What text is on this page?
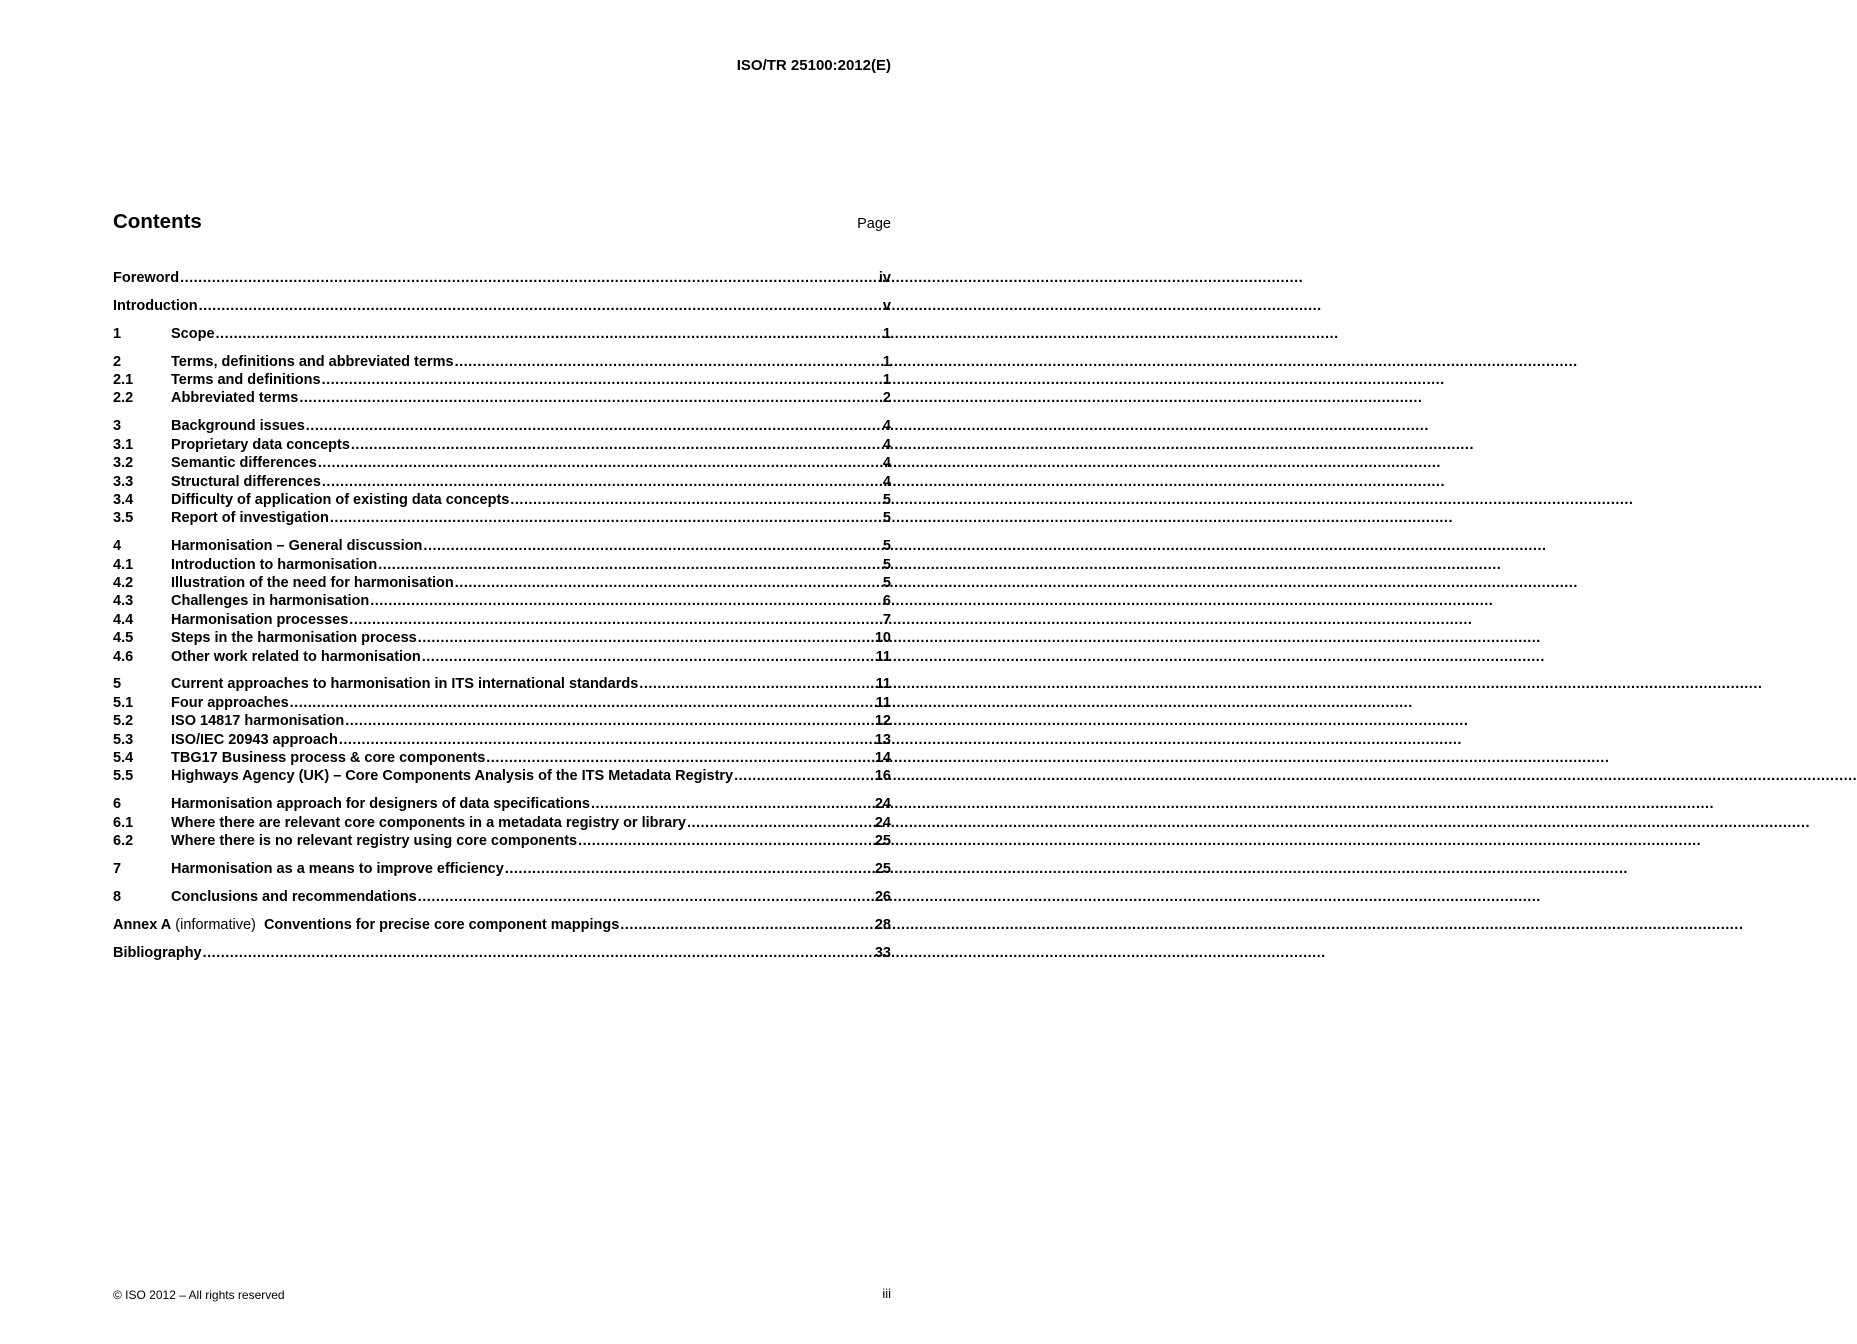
ISO/TR 25100:2012(E)
Contents	Page
Foreword .....	iv
Introduction .....	v
1	Scope .....	1
2	Terms, definitions and abbreviated terms .....	1
2.1	Terms and definitions .....	1
2.2	Abbreviated terms .....	2
3	Background issues .....	4
3.1	Proprietary data concepts .....	4
3.2	Semantic differences .....	4
3.3	Structural differences .....	4
3.4	Difficulty of application of existing data concepts .....	5
3.5	Report of investigation .....	5
4	Harmonisation – General discussion .....	5
4.1	Introduction to harmonisation .....	5
4.2	Illustration of the need for harmonisation .....	5
4.3	Challenges in harmonisation .....	6
4.4	Harmonisation processes .....	7
4.5	Steps in the harmonisation process .....	10
4.6	Other work related to harmonisation .....	11
5	Current approaches to harmonisation in ITS international standards .....	11
5.1	Four approaches .....	11
5.2	ISO 14817 harmonisation .....	12
5.3	ISO/IEC 20943 approach .....	13
5.4	TBG17 Business process & core components .....	14
5.5	Highways Agency (UK) – Core Components Analysis of the ITS Metadata Registry .....	16
6	Harmonisation approach for designers of data specifications .....	24
6.1	Where there are relevant core components in a metadata registry or library .....	24
6.2	Where there is no relevant registry using core components .....	25
7	Harmonisation as a means to improve efficiency .....	25
8	Conclusions and recommendations .....	26
Annex A (informative)  Conventions for precise core component mappings .....	28
Bibliography .....	33
© ISO 2012 – All rights reserved	iii
